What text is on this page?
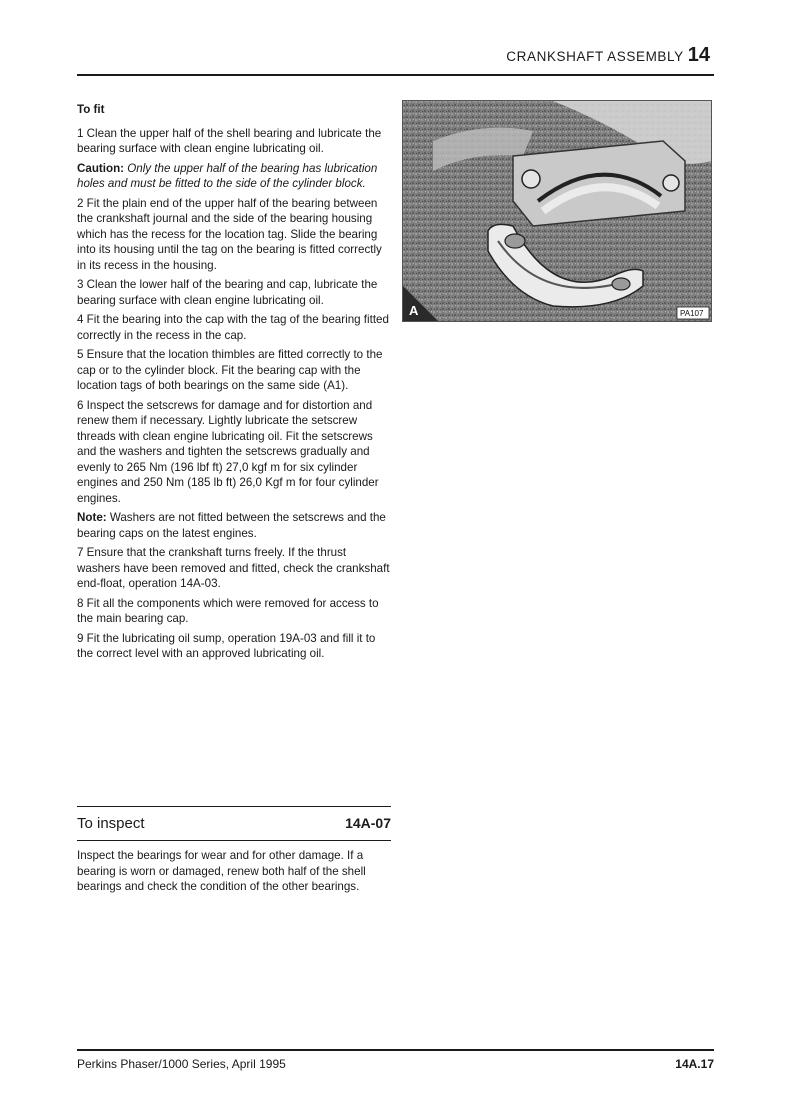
CRANKSHAFT ASSEMBLY 14
To fit

1 Clean the upper half of the shell bearing and lubricate the bearing surface with clean engine lubricating oil.

Caution: Only the upper half of the bearing has lubrication holes and must be fitted to the side of the cylinder block.

2 Fit the plain end of the upper half of the bearing between the crankshaft journal and the side of the bearing housing which has the recess for the location tag. Slide the bearing into its housing until the tag on the bearing is fitted correctly in its recess in the housing.

3 Clean the lower half of the bearing and cap, lubricate the bearing surface with clean engine lubricating oil.

4 Fit the bearing into the cap with the tag of the bearing fitted correctly in the recess in the cap.

5 Ensure that the location thimbles are fitted correctly to the cap or to the cylinder block. Fit the bearing cap with the location tags of both bearings on the same side (A1).

6 Inspect the setscrews for damage and for distortion and renew them if necessary. Lightly lubricate the setscrew threads with clean engine lubricating oil. Fit the setscrews and the washers and tighten the setscrews gradually and evenly to 265 Nm (196 lbf ft) 27,0 kgf m for six cylinder engines and 250 Nm (185 lb ft) 26,0 Kgf m for four cylinder engines.

Note: Washers are not fitted between the setscrews and the bearing caps on the latest engines.

7 Ensure that the crankshaft turns freely. If the thrust washers have been removed and fitted, check the crankshaft end-float, operation 14A-03.

8 Fit all the components which were removed for access to the main bearing cap.

9 Fit the lubricating oil sump, operation 19A-03 and fill it to the correct level with an approved lubricating oil.

To inspect	14A-07
Inspect the bearings for wear and for other damage. If a bearing is worn or damaged, renew both half of the shell bearings and check the condition of the other bearings.
A	PA107
Perkins Phaser/1000 Series, April 1995	14A.17
